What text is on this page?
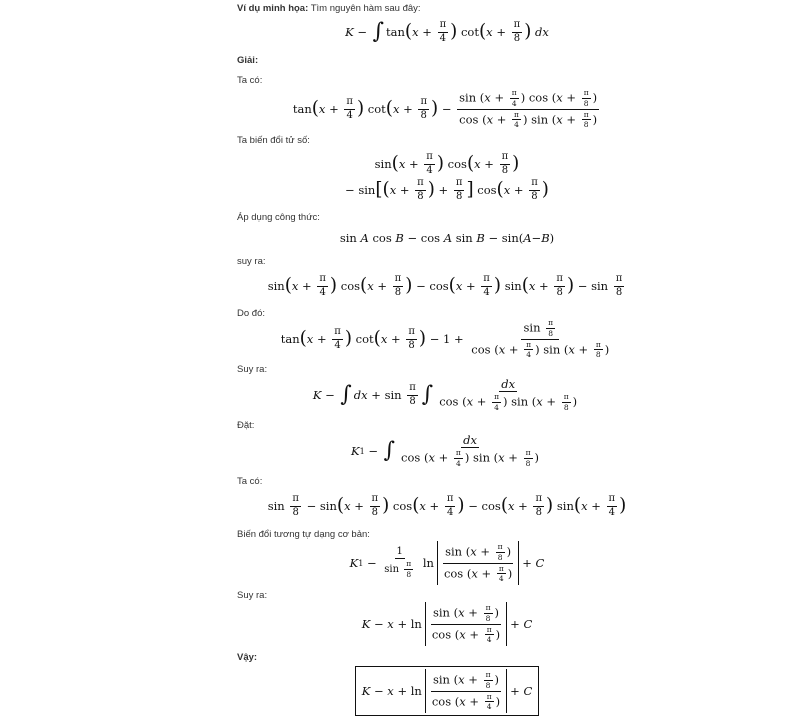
Ví dụ minh họa: Tìm nguyên hàm sau đây:
K − ∫ tan ( x +
π
4 ) cot ( x +
π
8 )
dx
Giải:
Ta có:
tan ( x +
π
4 ) cot ( x +
π
8 ) −
$\sin (x + \frac{\pi}{4}$ ) $\cos (x + \frac{\pi}{8}$ )
$\cos (x + \frac{\pi}{4}$ ) $\sin (x + \frac{\pi}{8}$ )
Ta biến đổi tử số:
sin ( x +
π
4 ) cos ( x +
π
8 )
− sin [ ( x +
π
8 ) +
π
8 ] cos ( x +
π
8 )
Áp dụng công thức:
sin A cos B − cos A sin B − sin( A − B )
suy ra:
sin ( x +
π
4 ) cos ( x +
π
8 ) − cos ( x +
π
4 ) sin ( x +
π
8 ) − sin
π
8
Do đó:
tan ( x +
π
4 ) cot ( x +
π
8 ) − 1 +
$\sin \frac{\pi}{8}$
$\cos (x + \frac{\pi}{4}$ ) $\sin (x + \frac{\pi}{8}$ )
Suy ra:
K − ∫ dx + sin
π
8 ∫	dx
$\cos (x + \frac{\pi}{4}$ ) $\sin (x + \frac{\pi}{8}$ )
Đặt:
K 1 − ∫	dx
$\cos (x + \frac{\pi}{4}$ ) $\sin (x + \frac{\pi}{8}$ )
Ta có:
sin
π
8 − sin ( x +
π
8 ) cos ( x +
π
4 ) − cos ( x +
π
8 ) sin ( x +
π
4 )
Biến đổi tương tự dạng cơ bản:
K 1 −
1
$\sin \frac{\pi}{8}$ ln
$\sin (x + \frac{\pi}{8}$ )
$\cos (x + \frac{\pi}{4}$ )
+ C
Suy ra:
K − x + ln
$\sin (x + \frac{\pi}{8}$ )
$\cos (x + \frac{\pi}{4}$ )
+ C
Vậy:
K − x + ln
$\sin (x + \frac{\pi}{8}$ )
$\cos (x + \frac{\pi}{4}$ )
+ C
